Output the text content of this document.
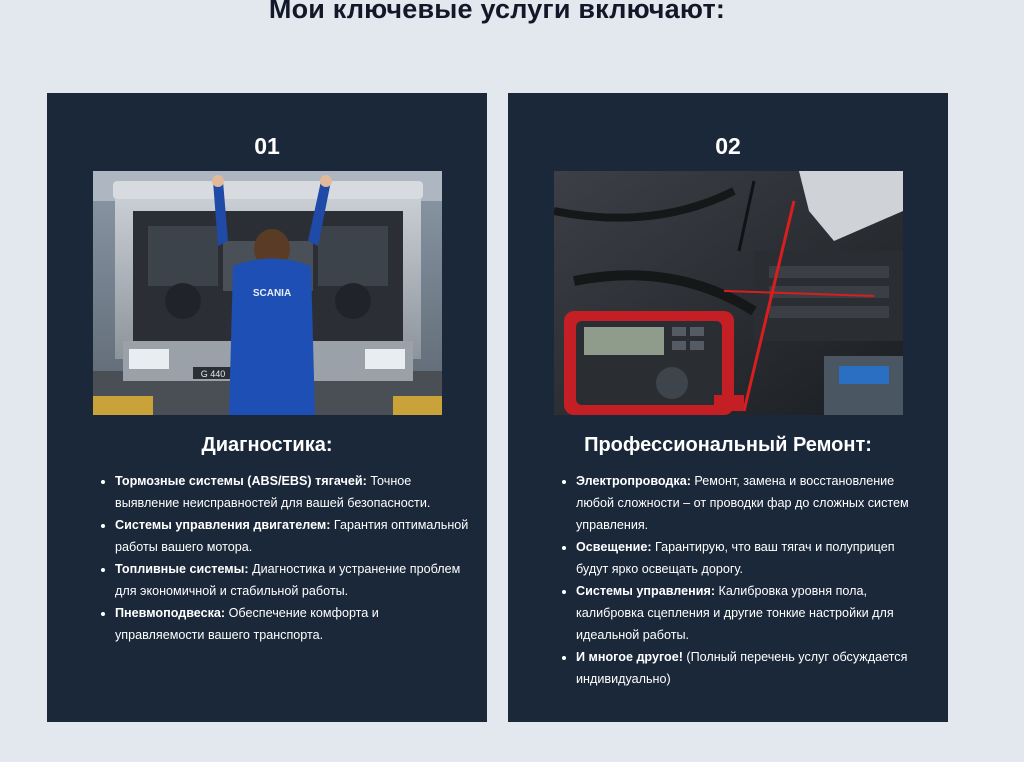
Мои ключевые услуги включают:
01
G 440
SCANIA
Диагностика:
• Тормозные системы (ABS/EBS) тягачей: Точное выявление неисправностей для вашей безопасности.
• Системы управления двигателем: Гарантия оптимальной работы вашего мотора.
• Топливные системы: Диагностика и устранение проблем для экономичной и стабильной работы.
• Пневмоподвеска: Обеспечение комфорта и управляемости вашего транспорта.
02
Профессиональный Ремонт:
• Электропроводка: Ремонт, замена и восстановление любой сложности – от проводки фар до сложных систем управления.
• Освещение: Гарантирую, что ваш тягач и полуприцеп будут ярко освещать дорогу.
• Системы управления: Калибровка уровня пола, калибровка сцепления и другие тонкие настройки для идеальной работы.
• И многое другое! (Полный перечень услуг обсуждается индивидуально)
